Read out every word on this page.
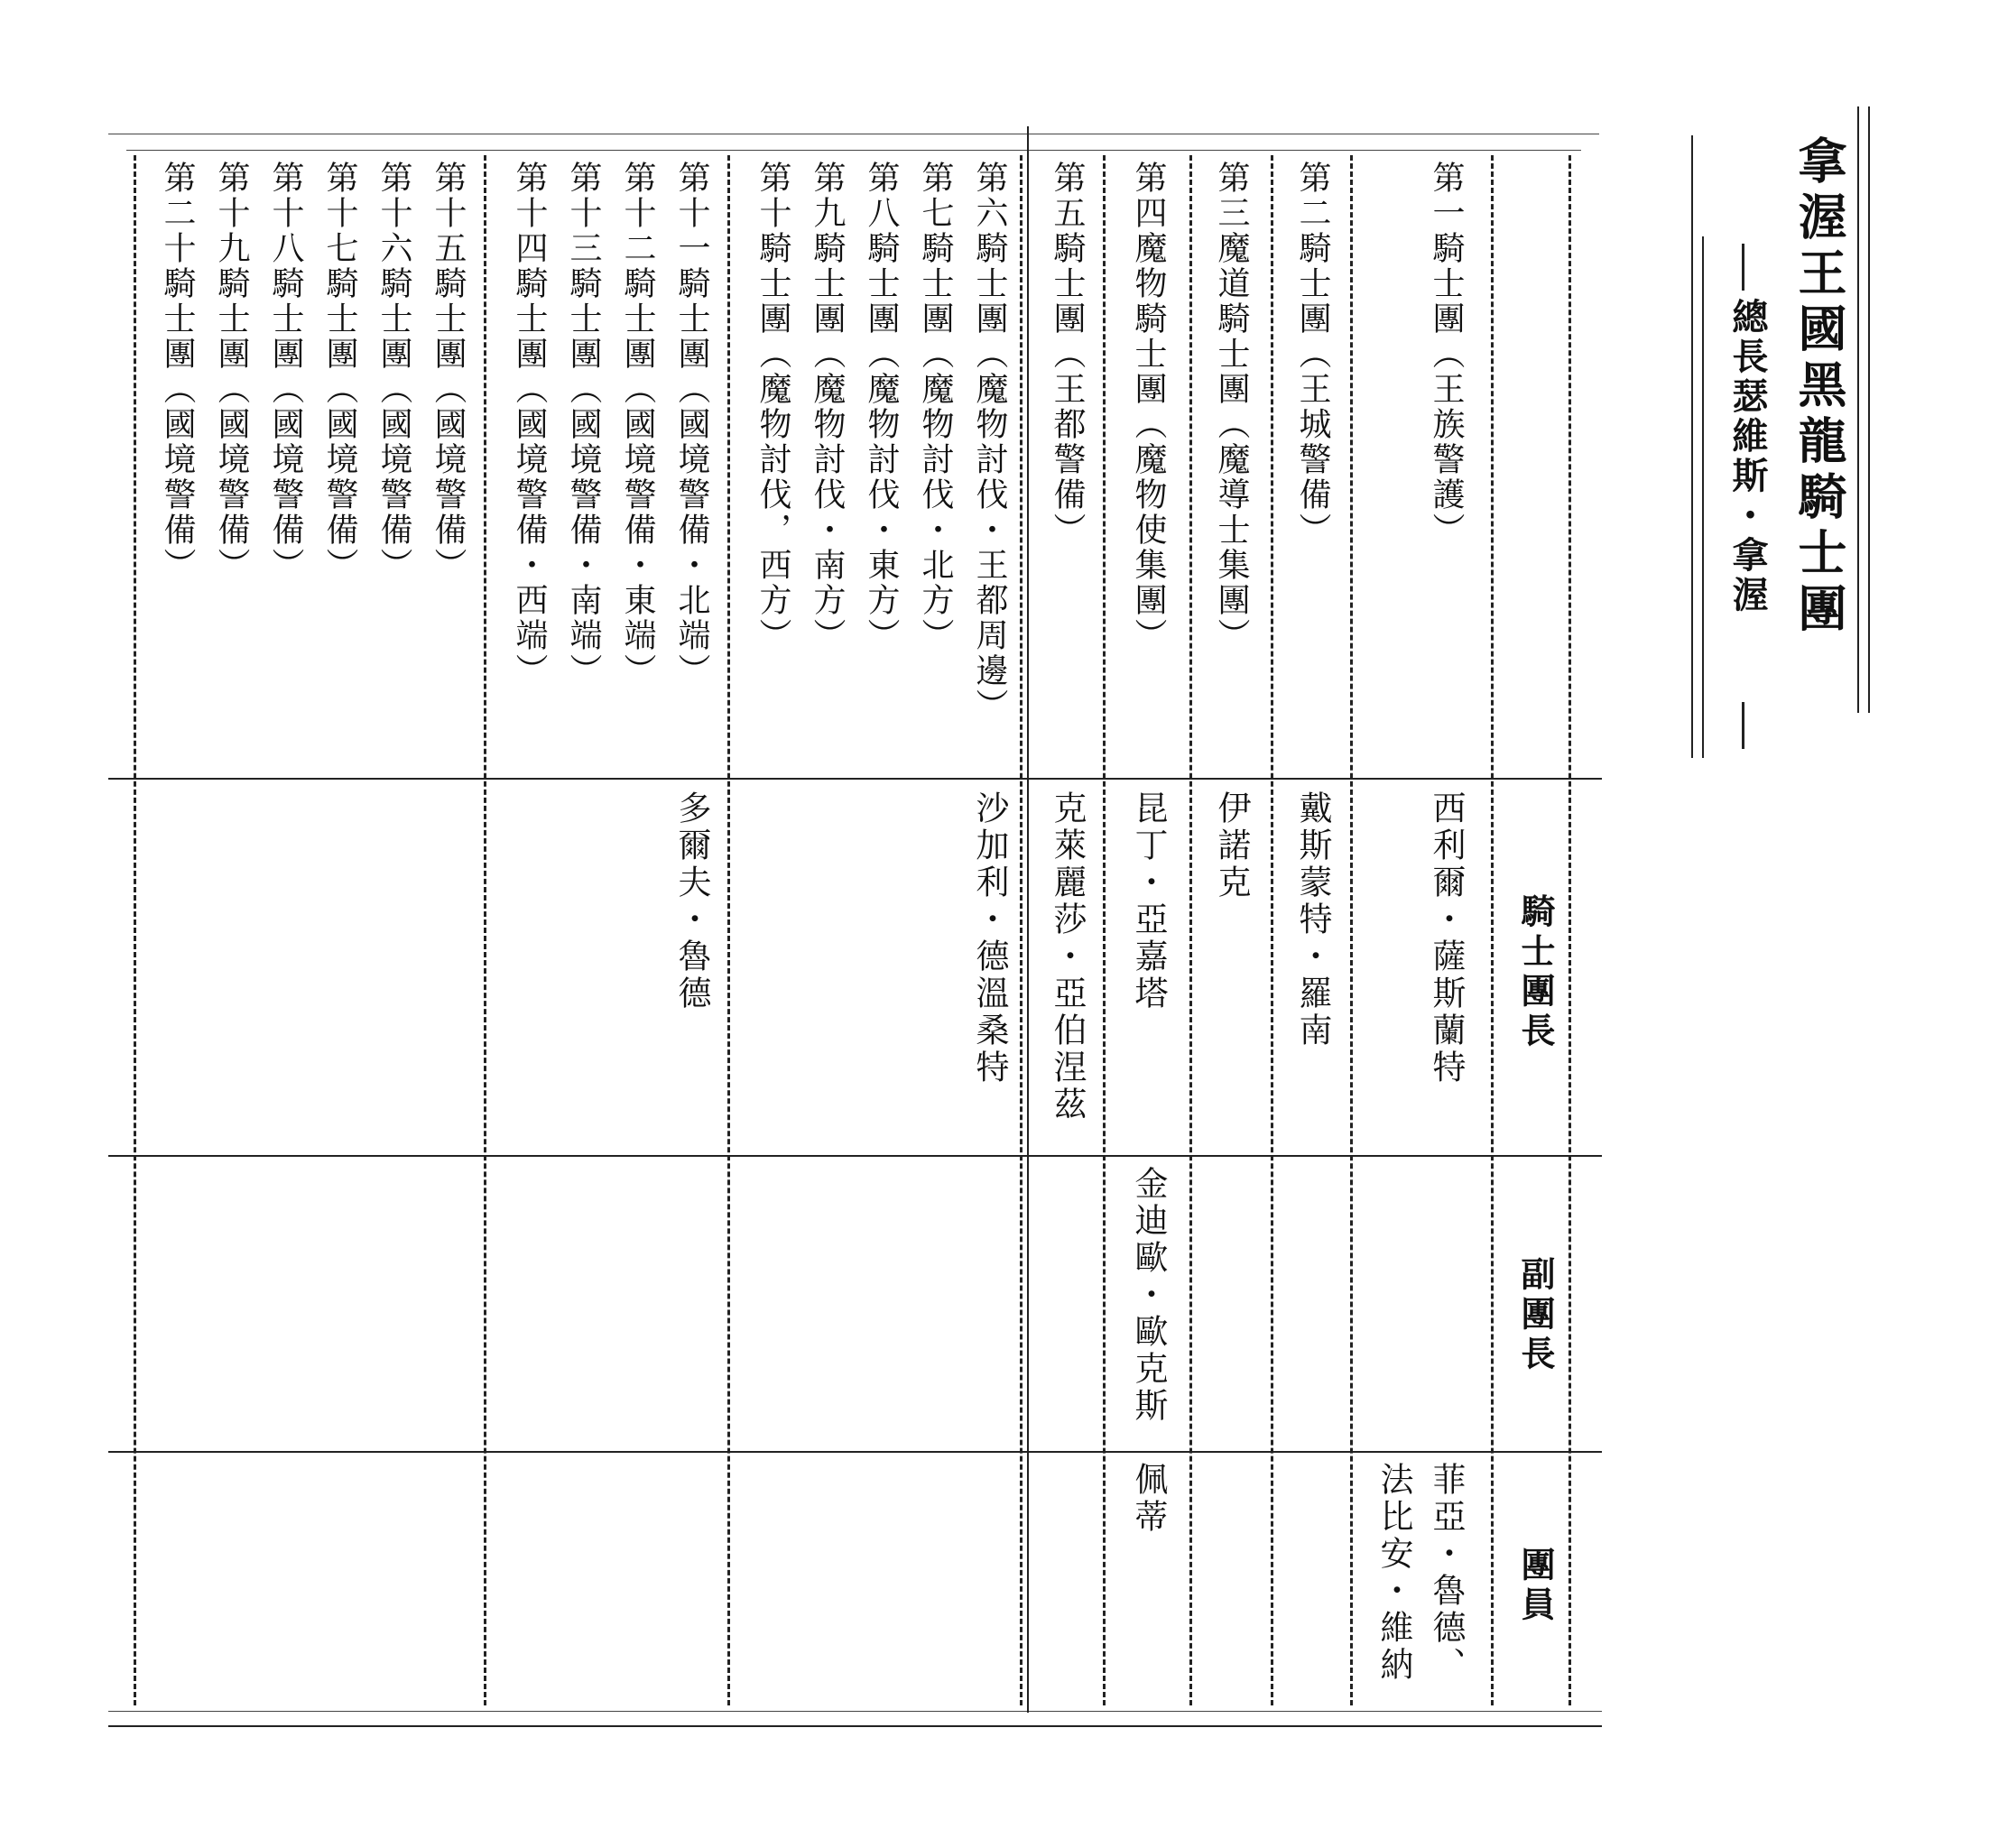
拿渥王國黑龍騎士團
總長瑟維斯・拿渥
騎士團長
副團長
團員
第一騎士團（王族警護）
第二騎士團（王城警備）
第三魔道騎士團（魔導士集團）
第四魔物騎士團（魔物使集團）
第五騎士團（王都警備）
第六騎士團（魔物討伐・王都周邊）
第七騎士團（魔物討伐・北方）
第八騎士團（魔物討伐・東方）
第九騎士團（魔物討伐・南方）
第十騎士團（魔物討伐，西方）
第十一騎士團（國境警備・北端）
第十二騎士團（國境警備・東端）
第十三騎士團（國境警備・南端）
第十四騎士團（國境警備・西端）
第十五騎士團（國境警備）
第十六騎士團（國境警備）
第十七騎士團（國境警備）
第十八騎士團（國境警備）
第十九騎士團（國境警備）
第二十騎士團（國境警備）
西利爾・薩斯蘭特
戴斯蒙特・羅南
伊諾克
昆丁・亞嘉塔
克萊麗莎・亞伯涅茲
沙加利・德溫桑特
多爾夫・魯德
金迪歐・歐克斯
菲亞・魯德、
法比安・維納
佩蒂
